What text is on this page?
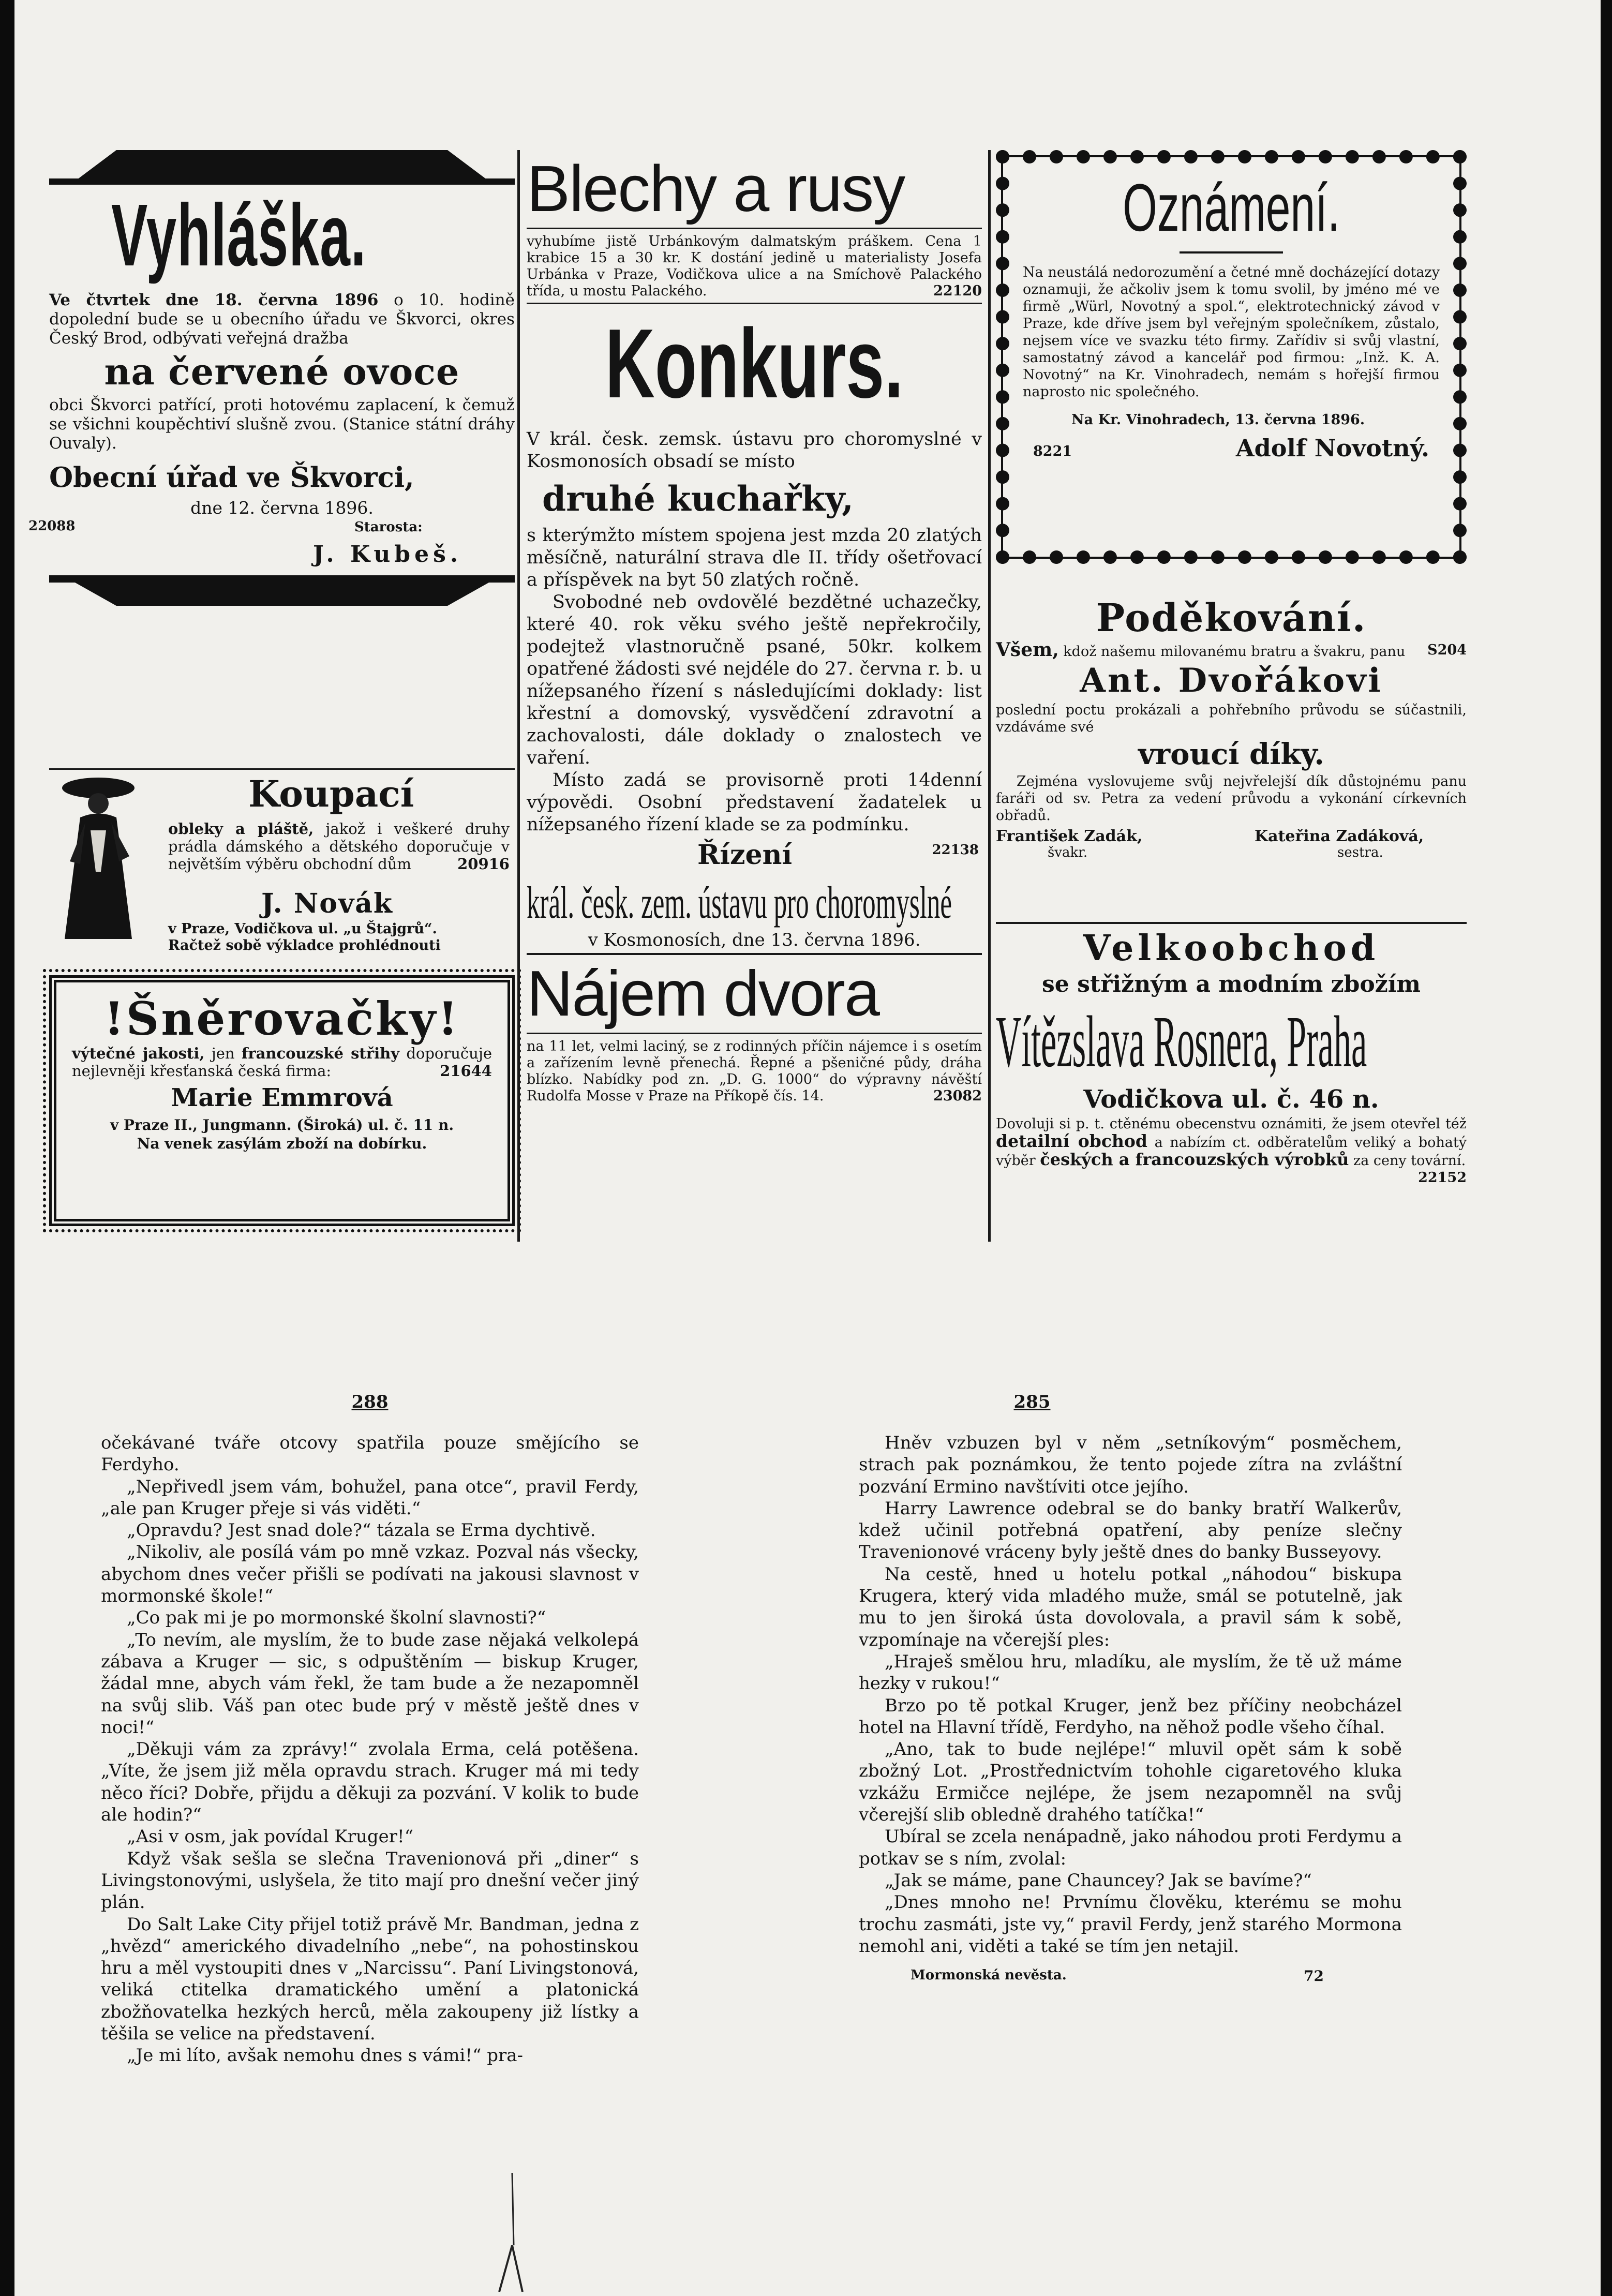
Vyhláška.

Ve čtvrtek dne 18. června 1896 o 10. hodině dopolední bude se u obecního úřadu ve Škvorci, okres Český Brod, odbývati veřejná dražba

na červené ovoce

obci Škvorci patřící, proti hotovému zaplacení, k čemuž se všichni koupěchtiví slušně zvou. (Stanice státní dráhy Ouvaly).

Obecní úřad ve Škvorci,
dne 12. června 1896.
22088	Starosta:
J. Kubeš.
Koupací

obleky a pláště, jakož i veškeré druhy prádla dámského a dětského doporučuje v největším výběru obchodní dům	20916

J. Novák
v Praze, Vodičkova ul. „u Štajgrů“.
Račtež sobě výkladce prohlédnouti
!Šněrovačky!

výtečné jakosti, jen francouzské střihy doporučuje nejlevněji křesťanská česká firma:	21644

Marie Emmrová
v Praze II., Jungmann. (Široká) ul. č. 11 n.
Na venek zasýlám zboží na dobírku.
Blechy a rusy

vyhubíme jistě Urbánkovým dalmatským práškem. Cena 1 krabice 15 a 30 kr. K dostání jedině u materialisty Josefa Urbánka v Praze, Vodičkova ulice a na Smíchově Palackého třída, u mostu Palackého.	22120

Konkurs.

V král. česk. zemsk. ústavu pro choromyslné v Kosmonosích obsadí se místo

druhé kuchařky,

s kterýmžto místem spojena jest mzda 20 zlatých měsíčně, naturální strava dle II. třídy ošetřovací a příspěvek na byt 50 zlatých ročně.

Svobodné neb ovdovělé bezdětné uchazečky, které 40. rok věku svého ještě nepřekročily, podejtež vlastnoručně psané, 50kr. kolkem opatřené žádosti své nejdéle do 27. června r. b. u nížepsaného řízení s následujícími doklady: list křestní a domovský, vysvědčení zdravotní a zachovalosti, dále doklady o znalostech ve vaření.

Místo zadá se provisorně proti 14denní výpovědi. Osobní představení žadatelek u nížepsaného řízení klade se za podmínku.

Řízení	22138
král. česk. zem. ústavu pro choromyslné
v Kosmonosích, dne 13. června 1896.
Nájem dvora

na 11 let, velmi laciný, se z rodinných příčin nájemce i s osetím a zařízením levně přenechá. Řepné a pšeničné půdy, dráha blízko. Nabídky pod zn. „D. G. 1000“ do výpravny návěští Rudolfa Mosse v Praze na Příkopě čís. 14.	23082

Oznámení.

Na neustálá nedorozumění a četné mně docházející dotazy oznamuji, že ačkoliv jsem k tomu svolil, by jméno mé ve firmě „Würl, Novotný a spol.“, elektrotechnický závod v Praze, kde dříve jsem byl veřejným společníkem, zůstalo, nejsem více ve svazku této firmy. Zařídiv si svůj vlastní, samostatný závod a kancelář pod firmou: „Inž. K. A. Novotný“ na Kr. Vinohradech, nemám s hořejší firmou naprosto nic společného.

Na Kr. Vinohradech, 13. června 1896.

8221	Adolf Novotný.
Poděkování.

Všem, kdož našemu milovanému bratru a švakru, panu S204

Ant. Dvořákovi

poslední poctu prokázali a pohřebního průvodu se súčastnili, vzdáváme své

vroucí díky.

Zejména vyslovujeme svůj nejvřelejší dík důstojnému panu faráři od sv. Petra za vedení průvodu a vykonání církevních obřadů.

František Zadák,
švakr.
Kateřina Zadáková,
sestra.
Velkoobchod
se střižným a modním zbožím
Vítězslava Rosnera, Praha
Vodičkova ul. č. 46 n.

Dovoluji si p. t. ctěnému obecenstvu oznámiti, že jsem otevřel též detailní obchod a nabízím ct. odběratelům veliký a bohatý výběr českých a francouzských výrobků za ceny tovární.
22152

288

očekávané tváře otcovy spatřila pouze smějícího se Ferdyho.

„Nepřivedl jsem vám, bohužel, pana otce“, pravil Ferdy, „ale pan Kruger přeje si vás viděti.“

„Opravdu? Jest snad dole?“ tázala se Erma dychtivě.

„Nikoliv, ale posílá vám po mně vzkaz. Pozval nás všecky, abychom dnes večer přišli se podívati na jakousi slavnost v mormonské škole!“

„Co pak mi je po mormonské školní slavnosti?“

„To nevím, ale myslím, že to bude zase nějaká velkolepá zábava a Kruger — sic, s odpuštěním — biskup Kruger, žádal mne, abych vám řekl, že tam bude a že nezapomněl na svůj slib. Váš pan otec bude prý v městě ještě dnes v noci!“

„Děkuji vám za zprávy!“ zvolala Erma, celá potěšena. „Víte, že jsem již měla opravdu strach. Kruger má mi tedy něco říci? Dobře, přijdu a děkuji za pozvání. V kolik to bude ale hodin?“

„Asi v osm, jak povídal Kruger!“

Když však sešla se slečna Travenionová při „diner“ s Livingstonovými, uslyšela, že tito mají pro dnešní večer jiný plán.

Do Salt Lake City přijel totiž právě Mr. Bandman, jedna z „hvězd“ amerického divadelního „nebe“, na pohostinskou hru a měl vystoupiti dnes v „Narcissu“. Paní Livingstonová, veliká ctitelka dramatického umění a platonická zbožňovatelka hezkých herců, měla zakoupeny již lístky a těšila se velice na představení.

„Je mi líto, avšak nemohu dnes s vámi!“ pra-

285

Hněv vzbuzen byl v něm „setníkovým“ posměchem, strach pak poznámkou, že tento pojede zítra na zvláštní pozvání Ermino navštíviti otce jejího.

Harry Lawrence odebral se do banky bratří Walkerův, kdež učinil potřebná opatření, aby peníze slečny Travenionové vráceny byly ještě dnes do banky Busseyovy.

Na cestě, hned u hotelu potkal „náhodou“ biskupa Krugera, který vida mladého muže, smál se potutelně, jak mu to jen široká ústa dovolovala, a pravil sám k sobě, vzpomínaje na včerejší ples:

„Hraješ smělou hru, mladíku, ale myslím, že tě už máme hezky v rukou!“

Brzo po tě potkal Kruger, jenž bez příčiny neobcházel hotel na Hlavní třídě, Ferdyho, na něhož podle všeho číhal.

„Ano, tak to bude nejlépe!“ mluvil opět sám k sobě zbožný Lot. „Prostřednictvím tohohle cigaretového kluka vzkážu Ermičce nejlépe, že jsem nezapomněl na svůj včerejší slib obledně drahého tatíčka!“

Ubíral se zcela nenápadně, jako náhodou proti Ferdymu a potkav se s ním, zvolal:

„Jak se máme, pane Chauncey? Jak se bavíme?“

„Dnes mnoho ne! Prvnímu člověku, kterému se mohu trochu zasmáti, jste vy,“ pravil Ferdy, jenž starého Mormona nemohl ani, viděti a také se tím jen netajil.

Mormonská nevěsta.	72
